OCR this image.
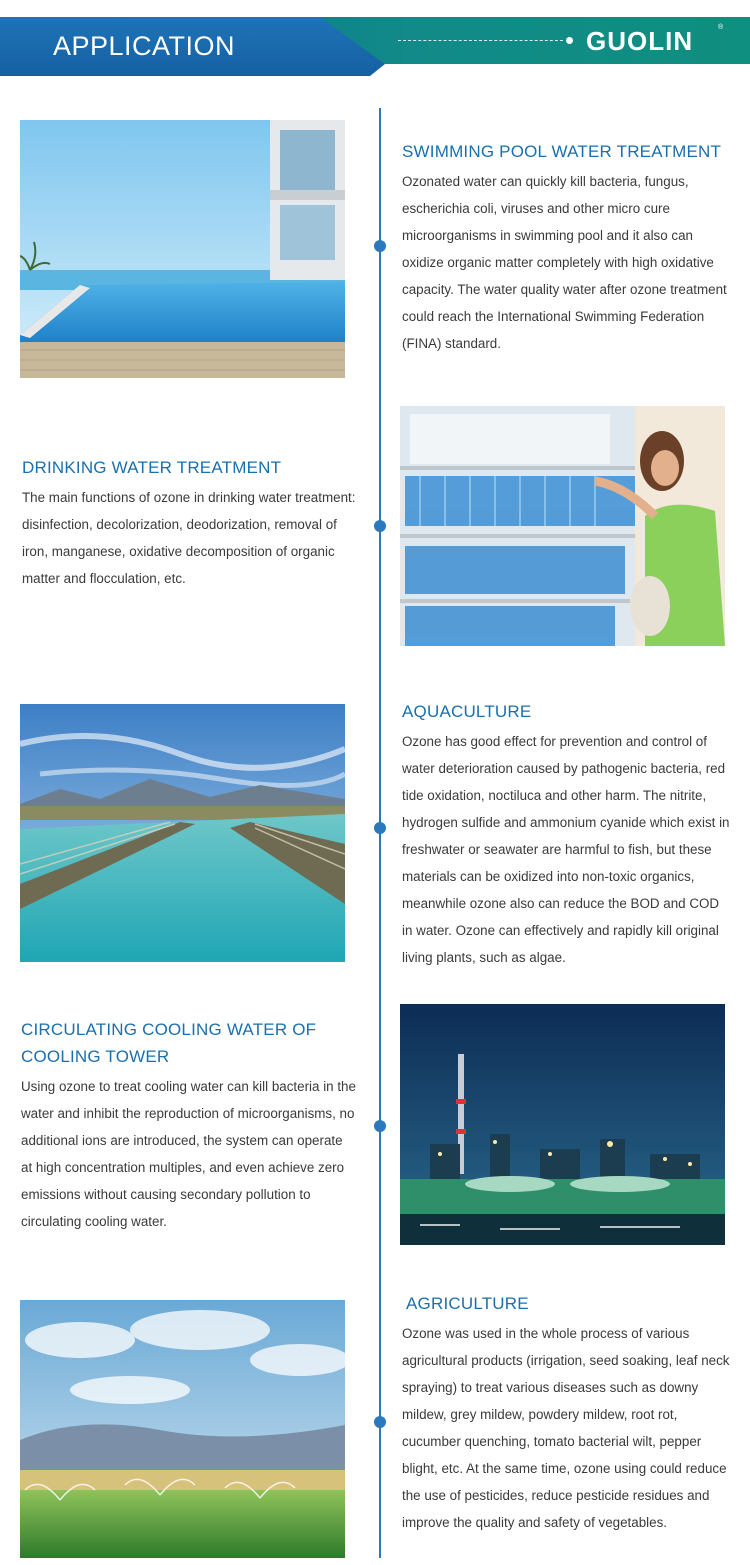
APPLICATION	GUOLIN	®
SWIMMING POOL WATER TREATMENT

Ozonated water can quickly kill bacteria, fungus, escherichia coli, viruses and other micro cure microorganisms in swimming pool and it also can oxidize organic matter completely with high oxidative capacity. The water quality water after ozone treatment could reach the International Swimming Federation (FINA) standard.

DRINKING WATER TREATMENT

The main functions of ozone in drinking water treatment: disinfection, decolorization, deodorization, removal of iron, manganese, oxidative decomposition of organic matter and flocculation, etc.

AQUACULTURE

Ozone has good effect for prevention and control of water deterioration caused by pathogenic bacteria, red tide oxidation, noctiluca and other harm. The nitrite, hydrogen sulfide and ammonium cyanide which exist in freshwater or seawater are harmful to fish, but these materials can be oxidized into non-toxic organics, meanwhile ozone also can reduce the BOD and COD in water. Ozone can effectively and rapidly kill original living plants, such as algae.

CIRCULATING COOLING WATER OF COOLING TOWER

Using ozone to treat cooling water can kill bacteria in the water and inhibit the reproduction of microorganisms, no additional ions are introduced, the system can operate at high concentration multiples, and even achieve zero emissions without causing secondary pollution to circulating cooling water.

AGRICULTURE

Ozone was used in the whole process of various agricultural products (irrigation, seed soaking, leaf neck spraying) to treat various diseases such as downy mildew, grey mildew, powdery mildew, root rot, cucumber quenching, tomato bacterial wilt, pepper blight, etc. At the same time, ozone using could reduce the use of pesticides, reduce pesticide residues and improve the quality and safety of vegetables.
